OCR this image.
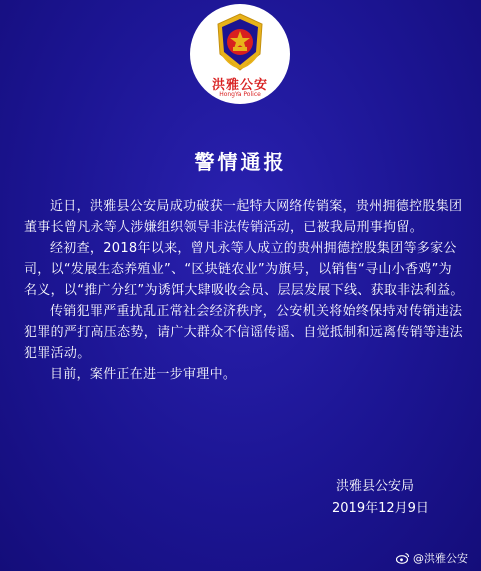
洪雅公安
HongYa Police
警情通报

近日，洪雅县公安局成功破获一起特大网络传销案，贵州拥德控股集团董事长曾凡永等人涉嫌组织领导非法传销活动，已被我局刑事拘留。

经初查，2018年以来，曾凡永等人成立的贵州拥德控股集团等多家公司，以“发展生态养殖业”、“区块链农业”为旗号，以销售“寻山小香鸡”为名义，以“推广分红”为诱饵大肆吸收会员、层层发展下线、获取非法利益。

传销犯罪严重扰乱正常社会经济秩序，公安机关将始终保持对传销违法犯罪的严打高压态势，请广大群众不信谣传谣、自觉抵制和远离传销等违法犯罪活动。

目前，案件正在进一步审理中。

洪雅县公安局
2019年12月9日
@洪雅公安
